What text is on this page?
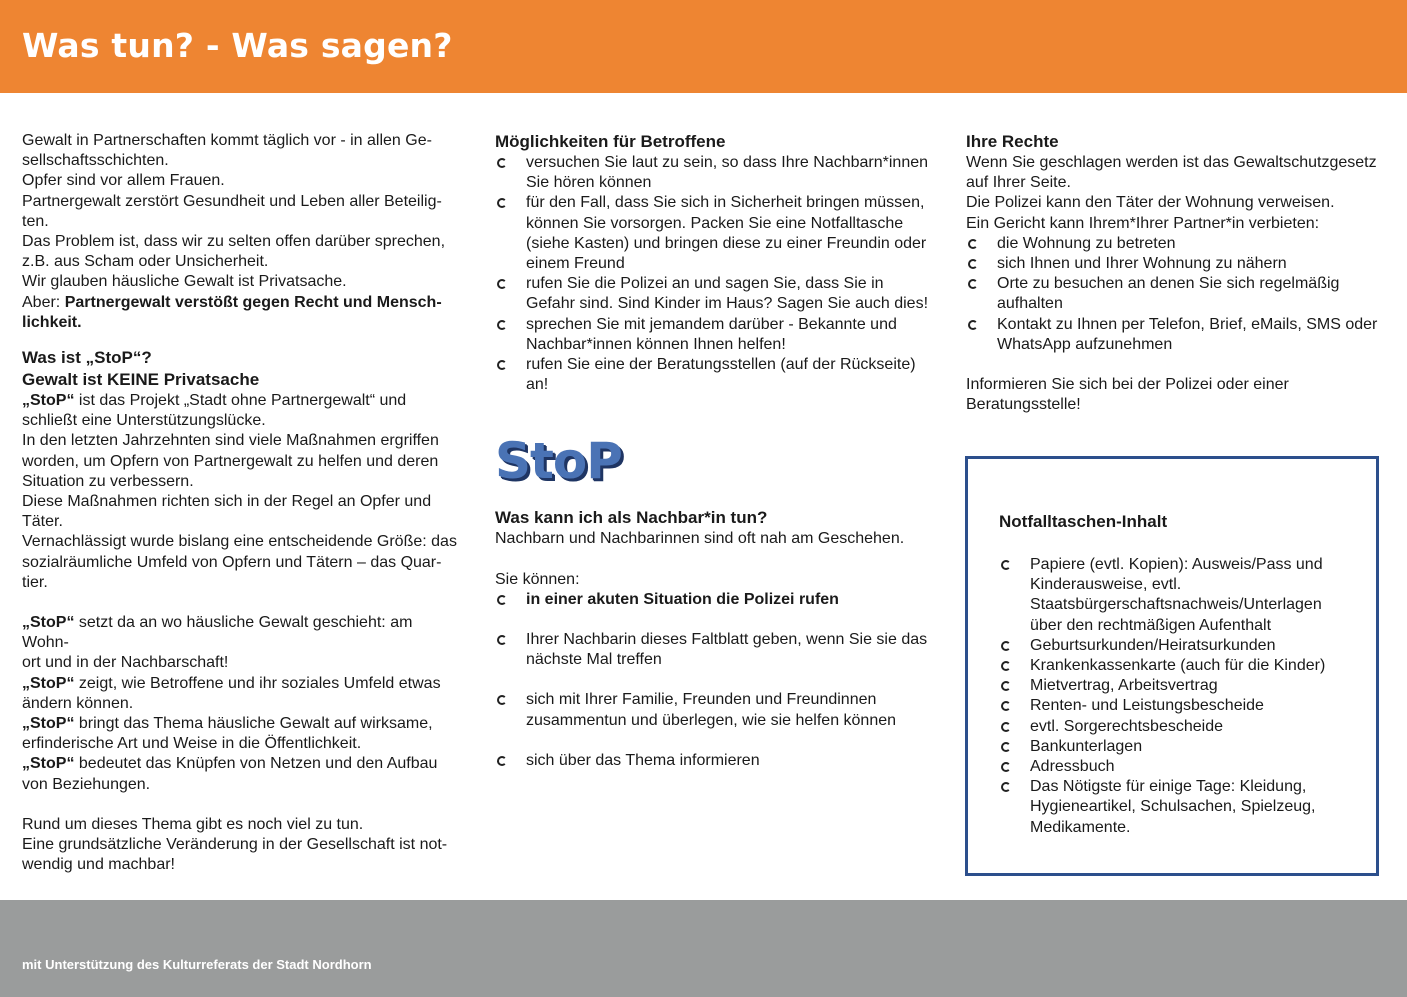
Was tun? - Was sagen?

Gewalt in Partnerschaften kommt täglich vor - in allen Ge-

sellschaftsschichten.

Opfer sind vor allem Frauen.

Partnergewalt zerstört Gesundheit und Leben aller Beteilig-

ten.

Das Problem ist, dass wir zu selten offen darüber sprechen,

z.B. aus Scham oder Unsicherheit.

Wir glauben häusliche Gewalt ist Privatsache.

Aber: Partnergewalt verstößt gegen Recht und Mensch-

lichkeit.

Was ist „StoP“?

Gewalt ist KEINE Privatsache

„StoP“ ist das Projekt „Stadt ohne Partnergewalt“ und

schließt eine Unterstützungslücke.

In den letzten Jahrzehnten sind viele Maßnahmen ergriffen

worden, um Opfern von Partnergewalt zu helfen und deren

Situation zu verbessern.

Diese Maßnahmen richten sich in der Regel an Opfer und

Täter.

Vernachlässigt wurde bislang eine entscheidende Größe: das

sozialräumliche Umfeld von Opfern und Tätern – das Quar-

tier.

„StoP“ setzt da an wo häusliche Gewalt geschieht: am Wohn-

ort und in der Nachbarschaft!

„StoP“ zeigt, wie Betroffene und ihr soziales Umfeld etwas

ändern können.

„StoP“ bringt das Thema häusliche Gewalt auf wirksame,

erfinderische Art und Weise in die Öffentlichkeit.

„StoP“ bedeutet das Knüpfen von Netzen und den Aufbau

von Beziehungen.

Rund um dieses Thema gibt es noch viel zu tun.

Eine grundsätzliche Veränderung in der Gesellschaft ist not-

wendig und machbar!

Möglichkeiten für Betroffene

versuchen Sie laut zu sein, so dass Ihre Nachbarn*innen
Sie hören können
für den Fall, dass Sie sich in Sicherheit bringen müssen,
können Sie vorsorgen. Packen Sie eine Notfalltasche
(siehe Kasten) und bringen diese zu einer Freundin oder
einem Freund
rufen Sie die Polizei an und sagen Sie, dass Sie in
Gefahr sind. Sind Kinder im Haus? Sagen Sie auch dies!
sprechen Sie mit jemandem darüber - Bekannte und
Nachbar*innen können Ihnen helfen!
rufen Sie eine der Beratungsstellen (auf der Rückseite)
an!
StoP

Was kann ich als Nachbar*in tun?

Nachbarn und Nachbarinnen sind oft nah am Geschehen.

Sie können:

in einer akuten Situation die Polizei rufen
Ihrer Nachbarin dieses Faltblatt geben, wenn Sie sie das
nächste Mal treffen
sich mit Ihrer Familie, Freunden und Freundinnen
zusammentun und überlegen, wie sie helfen können
sich über das Thema informieren

Ihre Rechte

Wenn Sie geschlagen werden ist das Gewaltschutzgesetz

auf Ihrer Seite.

Die Polizei kann den Täter der Wohnung verweisen.

Ein Gericht kann Ihrem*Ihrer Partner*in verbieten:

die Wohnung zu betreten
sich Ihnen und Ihrer Wohnung zu nähern
Orte zu besuchen an denen Sie sich regelmäßig
aufhalten
Kontakt zu Ihnen per Telefon, Brief, eMails, SMS oder
WhatsApp aufzunehmen

Informieren Sie sich bei der Polizei oder einer

Beratungsstelle!

Notfalltaschen-Inhalt

Papiere (evtl. Kopien): Ausweis/Pass und
Kinderausweise, evtl.
Staatsbürgerschaftsnachweis/Unterlagen
über den rechtmäßigen Aufenthalt
Geburtsurkunden/Heiratsurkunden
Krankenkassenkarte (auch für die Kinder)
Mietvertrag, Arbeitsvertrag
Renten- und Leistungsbescheide
evtl. Sorgerechtsbescheide
Bankunterlagen
Adressbuch
Das Nötigste für einige Tage: Kleidung,
Hygieneartikel, Schulsachen, Spielzeug,
Medikamente.
mit Unterstützung des Kulturreferats der Stadt Nordhorn
